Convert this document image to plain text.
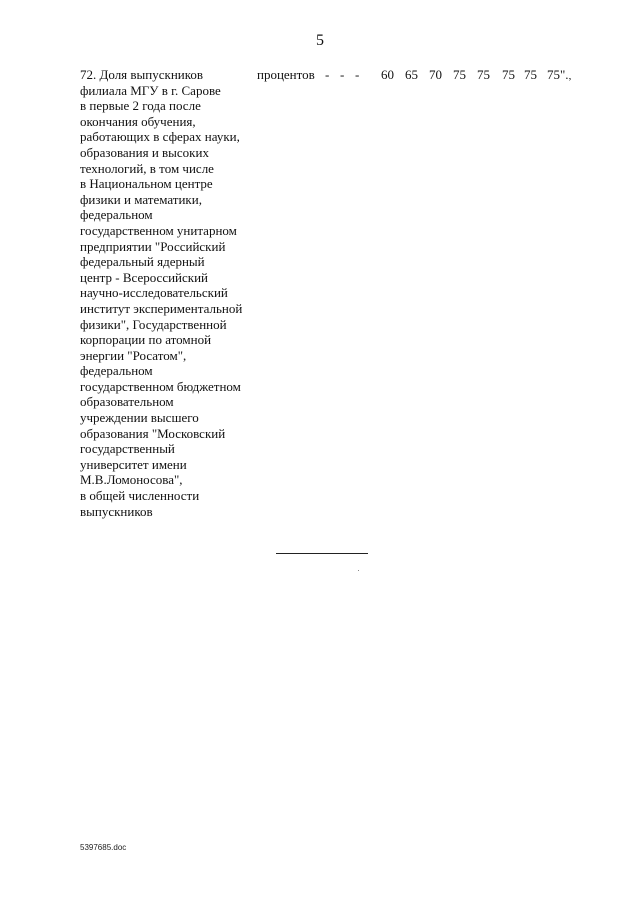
5
72. Доля выпускников
филиала МГУ в г. Сарове
в первые 2 года после
окончания обучения,
работающих в сферах науки,
образования и высоких
технологий, в том числе
в Национальном центре
физики и математики,
федеральном
государственном унитарном
предприятии "Российский
федеральный ядерный
центр - Всероссийский
научно-исследовательский
институт экспериментальной
физики", Государственной
корпорации по атомной
энергии "Росатом",
федеральном
государственном бюджетном
образовательном
учреждении высшего
образования "Московский
государственный
университет имени
М.В.Ломоносова",
в общей численности
выпускников
процентов - - - 60 65 70 75 75 75 75 75".,
5397685.doc
